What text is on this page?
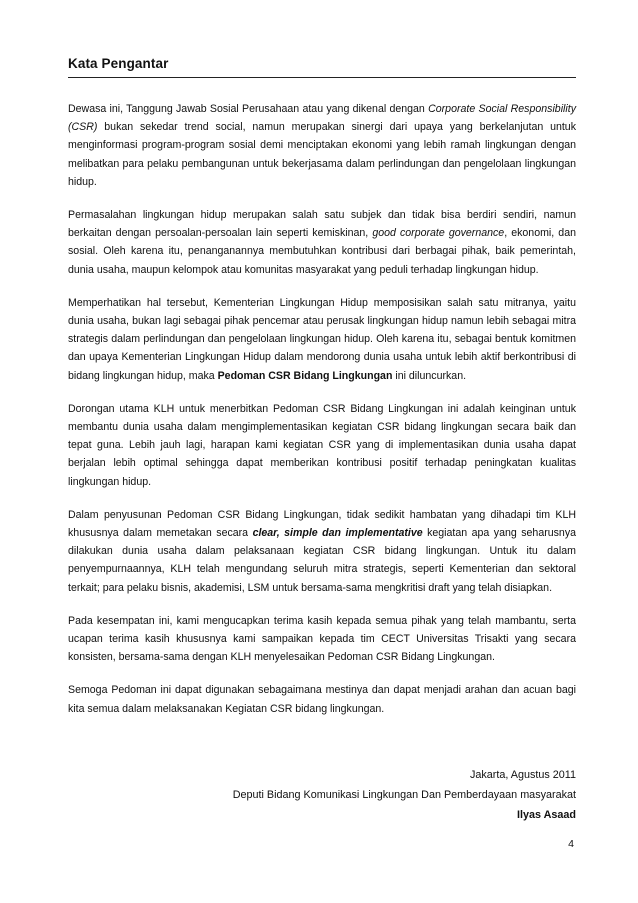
Kata Pengantar

Dewasa ini, Tanggung Jawab Sosial Perusahaan atau yang dikenal dengan Corporate Social Responsibility (CSR) bukan sekedar trend social, namun merupakan sinergi dari upaya yang berkelanjutan untuk menginformasi program-program sosial demi menciptakan ekonomi yang lebih ramah lingkungan dengan melibatkan para pelaku pembangunan untuk bekerjasama dalam perlindungan dan pengelolaan lingkungan hidup.

Permasalahan lingkungan hidup merupakan salah satu subjek dan tidak bisa berdiri sendiri, namun berkaitan dengan persoalan-persoalan lain seperti kemiskinan, good corporate governance, ekonomi, dan sosial. Oleh karena itu, penanganannya membutuhkan kontribusi dari berbagai pihak, baik pemerintah, dunia usaha, maupun kelompok atau komunitas masyarakat yang peduli terhadap lingkungan hidup.

Memperhatikan hal tersebut, Kementerian Lingkungan Hidup memposisikan salah satu mitranya, yaitu dunia usaha, bukan lagi sebagai pihak pencemar atau perusak lingkungan hidup namun lebih sebagai mitra strategis dalam perlindungan dan pengelolaan lingkungan hidup. Oleh karena itu, sebagai bentuk komitmen dan upaya Kementerian Lingkungan Hidup dalam mendorong dunia usaha untuk lebih aktif berkontribusi di bidang lingkungan hidup, maka Pedoman CSR Bidang Lingkungan ini diluncurkan.

Dorongan utama KLH untuk menerbitkan Pedoman CSR Bidang Lingkungan ini adalah keinginan untuk membantu dunia usaha dalam mengimplementasikan kegiatan CSR bidang lingkungan secara baik dan tepat guna. Lebih jauh lagi, harapan kami kegiatan CSR yang di implementasikan dunia usaha dapat berjalan lebih optimal sehingga dapat memberikan kontribusi positif terhadap peningkatan kualitas lingkungan hidup.

Dalam penyusunan Pedoman CSR Bidang Lingkungan, tidak sedikit hambatan yang dihadapi tim KLH khususnya dalam memetakan secara clear, simple dan implementative kegiatan apa yang seharusnya dilakukan dunia usaha dalam pelaksanaan kegiatan CSR bidang lingkungan. Untuk itu dalam penyempurnaannya, KLH telah mengundang seluruh mitra strategis, seperti Kementerian dan sektoral terkait; para pelaku bisnis, akademisi, LSM untuk bersama-sama mengkritisi draft yang telah disiapkan.

Pada kesempatan ini, kami mengucapkan terima kasih kepada semua pihak yang telah mambantu, serta ucapan terima kasih khususnya kami sampaikan kepada tim CECT Universitas Trisakti yang secara konsisten, bersama-sama dengan KLH menyelesaikan Pedoman CSR Bidang Lingkungan.

Semoga Pedoman ini dapat digunakan sebagaimana mestinya dan dapat menjadi arahan dan acuan bagi kita semua dalam melaksanakan Kegiatan CSR bidang lingkungan.

Jakarta, Agustus 2011
Deputi Bidang Komunikasi Lingkungan Dan Pemberdayaan masyarakat
Ilyas Asaad
4
